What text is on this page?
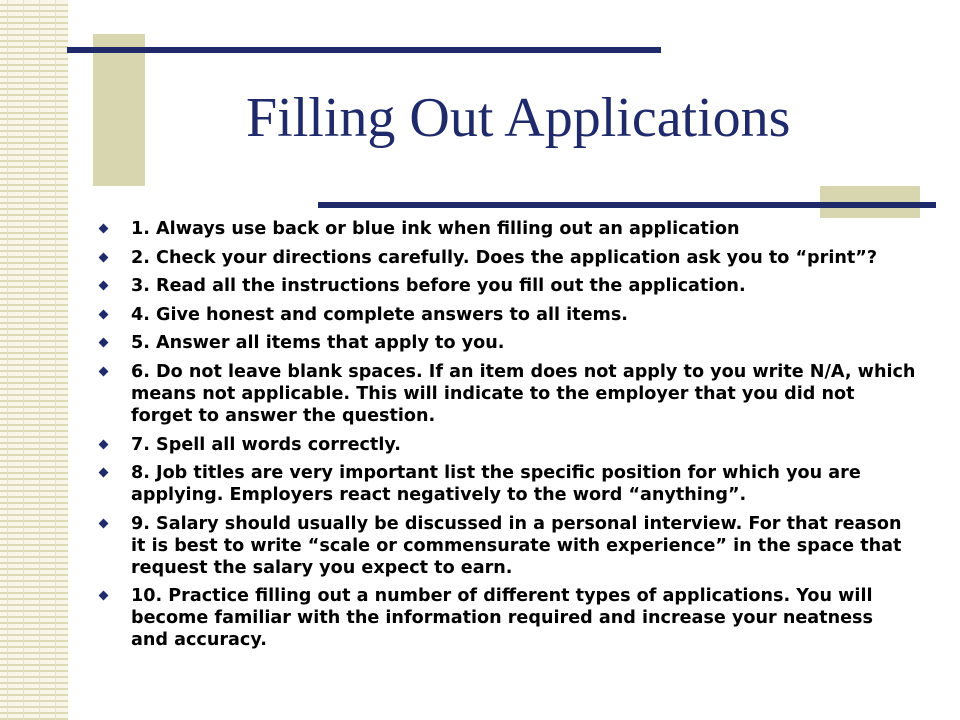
Filling Out Applications
1. Always use back or blue ink when filling out an application
2. Check your directions carefully. Does the application ask you to “print”?
3. Read all the instructions before you fill out the application.
4. Give honest and complete answers to all items.
5. Answer all items that apply to you.
6. Do not leave blank spaces. If an item does not apply to you write N/A, which means not applicable. This will indicate to the employer that you did not forget to answer the question.
7. Spell all words correctly.
8. Job titles are very important list the specific position for which you are applying. Employers react negatively to the word “anything”.
9. Salary should usually be discussed in a personal interview. For that reason it is best to write “scale or commensurate with experience” in the space that request the salary you expect to earn.
10. Practice filling out a number of different types of applications. You will become familiar with the information required and increase your neatness and accuracy.
